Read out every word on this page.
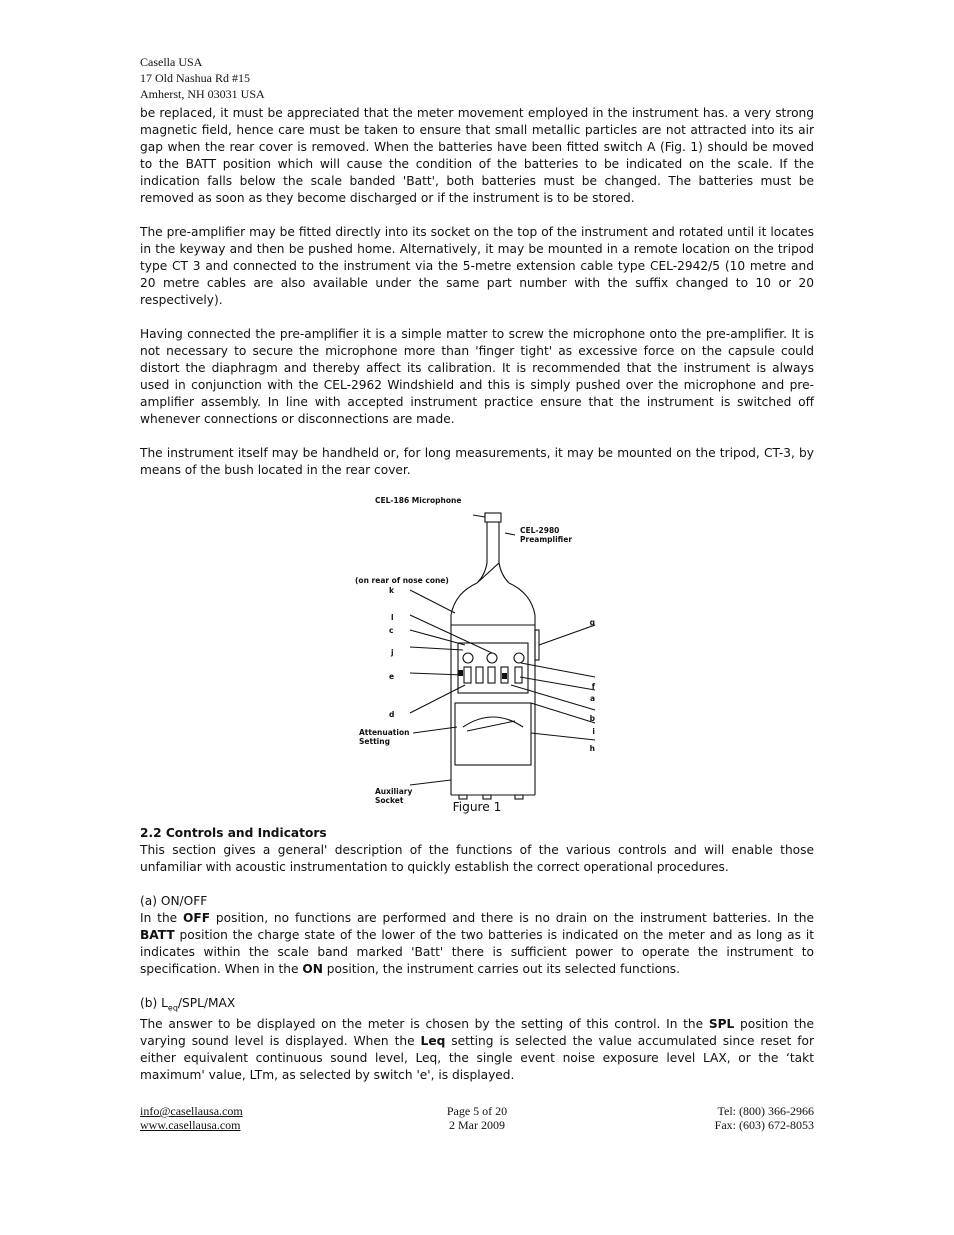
Casella USA
17 Old Nashua Rd #15
Amherst, NH 03031 USA

be replaced, it must be appreciated that the meter movement employed in the instrument has. a very strong magnetic field, hence care must be taken to ensure that small metallic particles are not attracted into its air gap when the rear cover is removed. When the batteries have been fitted switch A (Fig. 1) should be moved to the BATT position which will cause the condition of the batteries to be indicated on the scale. If the indication falls below the scale banded 'Batt', both batteries must be changed. The batteries must be removed as soon as they become discharged or if the instrument is to be stored.

The pre-amplifier may be fitted directly into its socket on the top of the instrument and rotated until it locates in the keyway and then be pushed home. Alternatively, it may be mounted in a remote location on the tripod type CT 3 and connected to the instrument via the 5-metre extension cable type CEL-2942/5 (10 metre and 20 metre cables are also available under the same part number with the suffix changed to 10 or 20 respectively).

Having connected the pre-amplifier it is a simple matter to screw the microphone onto the pre-amplifier. It is not necessary to secure the microphone more than 'finger tight' as excessive force on the capsule could distort the diaphragm and thereby affect its calibration. It is recommended that the instrument is always used in conjunction with the CEL-2962 Windshield and this is simply pushed over the microphone and pre-amplifier assembly. In line with accepted instrument practice ensure that the instrument is switched off whenever connections or disconnections are made.

The instrument itself may be handheld or, for long measurements, it may be mounted on the tripod, CT-3, by means of the bush located in the rear cover.

CEL-186 Microphone
CEL-2980
Preamplifier
(on rear of nose cone)
k
l
c
j
e
d
Attenuation
Setting
g
f
a
b
i
h
Auxiliary
Socket	Figure 1

2.2 Controls and Indicators

This section gives a general' description of the functions of the various controls and will enable those unfamiliar with acoustic instrumentation to quickly establish the correct operational procedures.

(a) ON/OFF

In the OFF position, no functions are performed and there is no drain on the instrument batteries. In the BATT position the charge state of the lower of the two batteries is indicated on the meter and as long as it indicates within the scale band marked 'Batt' there is sufficient power to operate the instrument to specification. When in the ON position, the instrument carries out its selected functions.

(b) $L_{eq}/SPL$/MAX

The answer to be displayed on the meter is chosen by the setting of this control. In the SPL position the varying sound level is displayed. When the Leq setting is selected the value accumulated since reset for either equivalent continuous sound level, Leq, the single event noise exposure level LAX, or the ‘takt maximum' value, LTm, as selected by switch 'e', is displayed.

Page 5 of 20
2 Mar 2009
info@casellausa.com
www.casellausa.com
Tel: (800) 366-2966
Fax: (603) 672-8053
